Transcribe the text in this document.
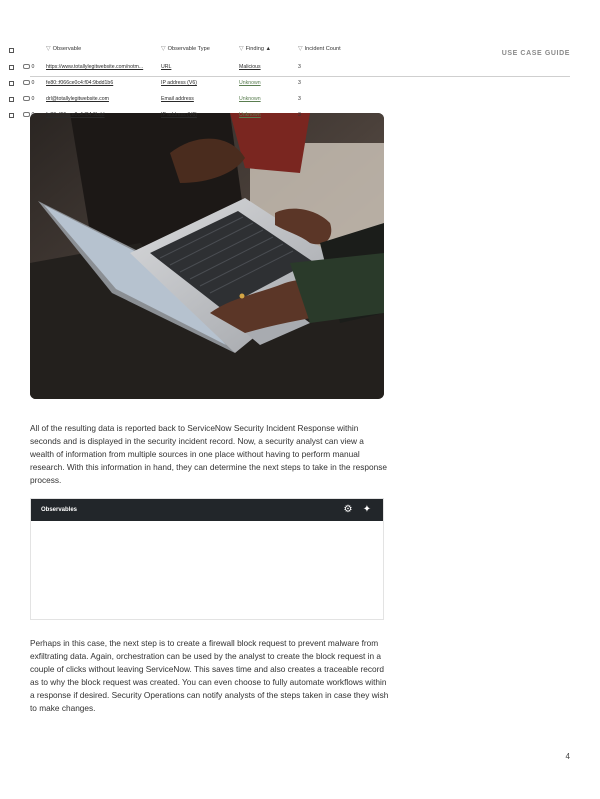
USE CASE GUIDE

All of the resulting data is reported back to ServiceNow Security Incident Response within seconds and is displayed in the security incident record. Now, a security analyst can view a wealth of information from multiple sources in one place without having to perform manual research. With this information in hand, they can determine the next steps to take in the response process.

Observables	⚙ ✦
▽ Observable	▽ Observable Type	▽ Finding ▲	▽ Incident Count
0 https://www.totallylegitwebsite.com/notm...	URL	Malicious	3
0 fe80::f066ce0c4:f04:9bdd1b6	IP address (V6)	Unknown	3
0 drl@totallylegitwebsite.com	Email address	Unknown	3
0 fe80::f66ace0c4:f04:9bdd	IP address (V6)	Unknown	3

Perhaps in this case, the next step is to create a firewall block request to prevent malware from exfiltrating data. Again, orchestration can be used by the analyst to create the block request in a couple of clicks without leaving ServiceNow. This saves time and also creates a traceable record as to why the block request was created. You can even choose to fully automate workflows within a response if desired. Security Operations can notify analysts of the steps taken in case they wish to make changes.

4
